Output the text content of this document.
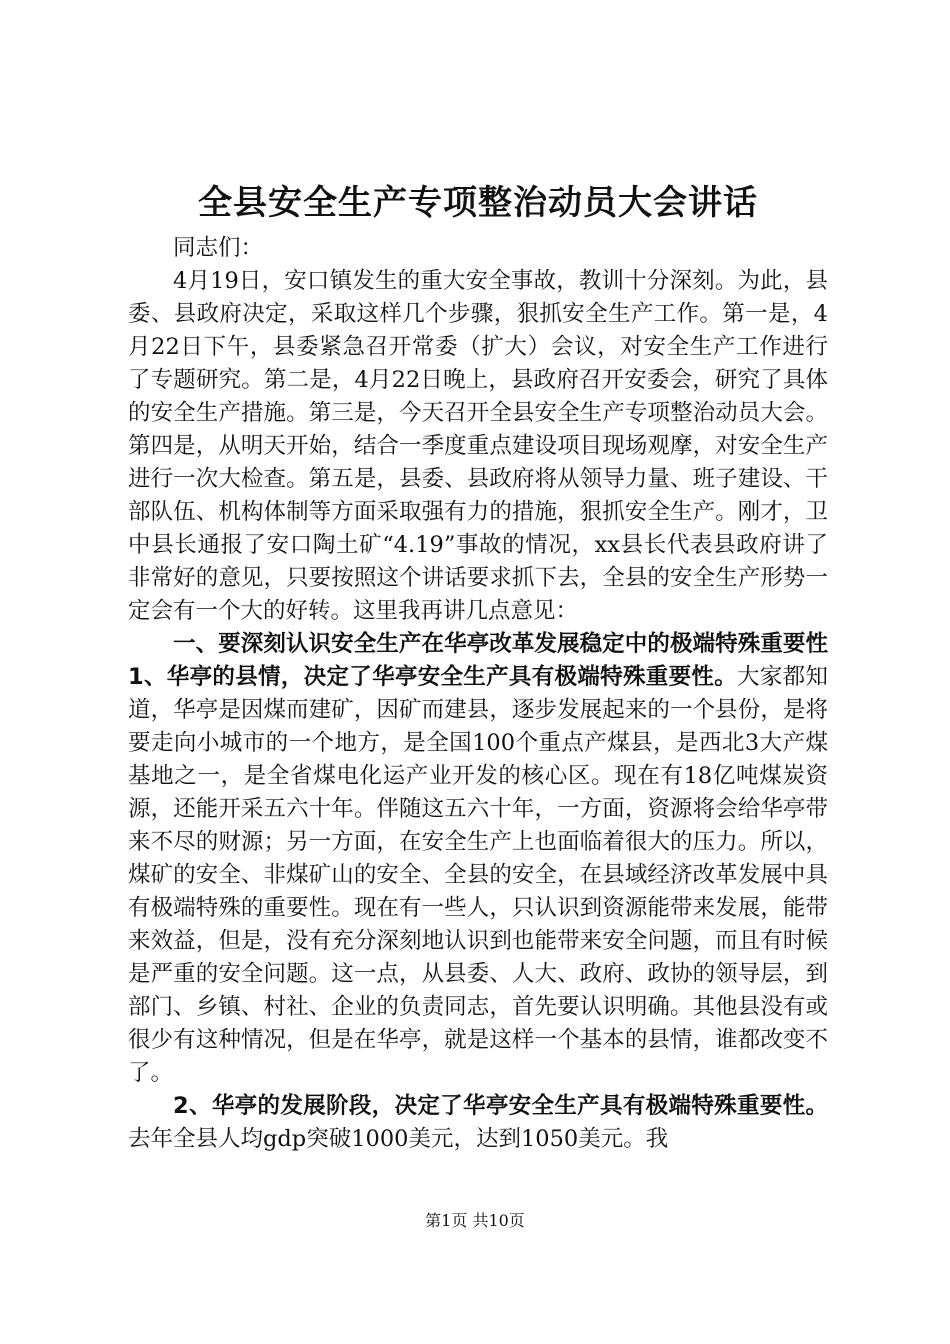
全县安全生产专项整治动员大会讲话

同志们：

4月19日，安口镇发生的重大安全事故，教训十分深刻。为此，县委、县政府决定，采取这样几个步骤，狠抓安全生产工作。第一是，4月22日下午，县委紧急召开常委（扩大）会议，对安全生产工作进行了专题研究。第二是，4月22日晚上，县政府召开安委会，研究了具体的安全生产措施。第三是，今天召开全县安全生产专项整治动员大会。第四是，从明天开始，结合一季度重点建设项目现场观摩，对安全生产进行一次大检查。第五是，县委、县政府将从领导力量、班子建设、干部队伍、机构体制等方面采取强有力的措施，狠抓安全生产。刚才，卫中县长通报了安口陶土矿“4.19”事故的情况，xx县长代表县政府讲了非常好的意见，只要按照这个讲话要求抓下去，全县的安全生产形势一定会有一个大的好转。这里我再讲几点意见：

一、要深刻认识安全生产在华亭改革发展稳定中的极端特殊重要性1、华亭的县情，决定了华亭安全生产具有极端特殊重要性。大家都知道，华亭是因煤而建矿，因矿而建县，逐步发展起来的一个县份，是将要走向小城市的一个地方，是全国100个重点产煤县，是西北3大产煤基地之一，是全省煤电化运产业开发的核心区。现在有18亿吨煤炭资源，还能开采五六十年。伴随这五六十年，一方面，资源将会给华亭带来不尽的财源；另一方面，在安全生产上也面临着很大的压力。所以，煤矿的安全、非煤矿山的安全、全县的安全，在县域经济改革发展中具有极端特殊的重要性。现在有一些人，只认识到资源能带来发展，能带来效益，但是，没有充分深刻地认识到也能带来安全问题，而且有时候是严重的安全问题。这一点，从县委、人大、政府、政协的领导层，到部门、乡镇、村社、企业的负责同志，首先要认识明确。其他县没有或很少有这种情况，但是在华亭，就是这样一个基本的县情，谁都改变不了。

2、华亭的发展阶段，决定了华亭安全生产具有极端特殊重要性。去年全县人均gdp突破1000美元，达到1050美元。我

第1页 共10页
